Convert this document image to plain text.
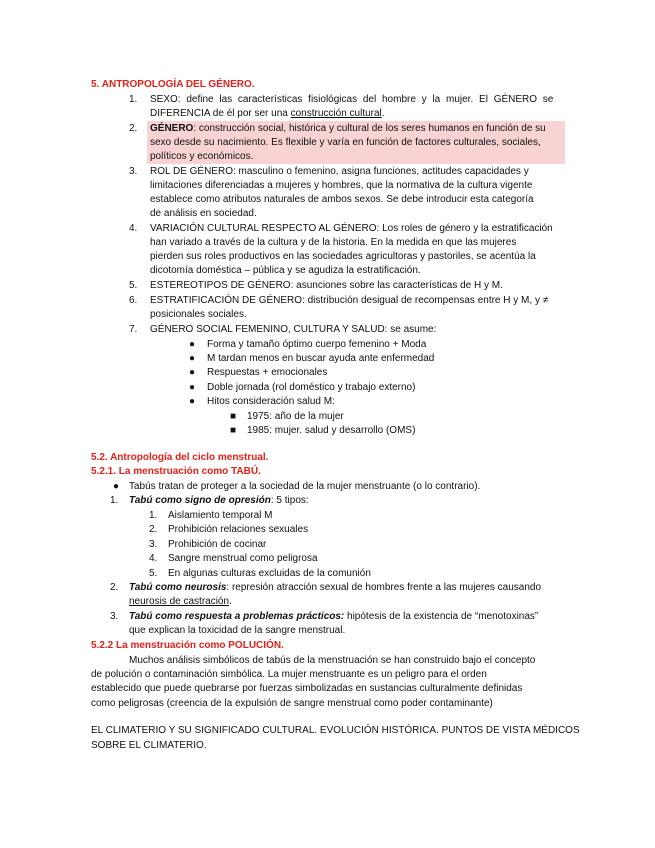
5. ANTROPOLOGÍA DEL GÉNERO.
1. SEXO: define las características fisiológicas del hombre y la mujer. El GÉNERO se
DIFERENCIA de él por ser una construcción cultural.
2. GÉNERO: construcción social, histórica y cultural de los seres humanos en función de su
sexo desde su nacimiento. Es flexible y varía en función de factores culturales, sociales,
políticos y económicos.
3. ROL DE GÉNERO: masculino o femenino, asigna funciones, actitudes capacidades y
limitaciones diferenciadas a mujeres y hombres, que la normativa de la cultura vigente
establece como atributos naturales de ambos sexos. Se debe introducir esta categoría
de análisis en sociedad.
4. VARIACIÓN CULTURAL RESPECTO AL GÉNERO: Los roles de género y la estratificación
han variado a través de la cultura y de la historia. En la medida en que las mujeres
pierden sus roles productivos en las sociedades agricultoras y pastoriles, se acentúa la
dicotomía doméstica – pública y se agudiza la estratificación.
5. ESTEREOTIPOS DE GÉNERO: asunciones sobre las características de H y M.
6. ESTRATIFICACIÓN DE GÉNERO: distribución desigual de recompensas entre H y M, y ≠
posicionales sociales.
7. GÉNERO SOCIAL FEMENINO, CULTURA Y SALUD: se asume:
● Forma y tamaño óptimo cuerpo femenino + Moda
● M tardan menos en buscar ayuda ante enfermedad
● Respuestas + emocionales
● Doble jornada (rol doméstico y trabajo externo)
● Hitos consideración salud M:
■ 1975: año de la mujer
■ 1985: mujer. salud y desarrollo (OMS)
5.2. Antropología del ciclo menstrual.
5.2.1. La menstruación como TABÚ.
● Tabús tratan de proteger a la sociedad de la mujer menstruante (o lo contrario).
1. Tabú como signo de opresión: 5 tipos:
1. Aislamiento temporal M
2. Prohibición relaciones sexuales
3. Prohibición de cocinar
4. Sangre menstrual como peligrosa
5. En algunas culturas excluidas de la comunión
2. Tabú como neurosis: represión atracción sexual de hombres frente a las mujeres causando
neurosis de castración.
3. Tabú como respuesta a problemas prácticos: hipótesis de la existencia de “menotoxinas”
que explican la toxicidad de la sangre menstrual.
5.2.2 La menstruación como POLUCIÓN.
Muchos análisis simbólicos de tabús de la menstruación se han construido bajo el concepto
de polución o contaminación simbólica. La mujer menstruante es un peligro para el orden
establecido que puede quebrarse por fuerzas simbolizadas en sustancias culturalmente definidas
como peligrosas (creencia de la expulsión de sangre menstrual como poder contaminante)
EL CLIMATERIO Y SU SIGNIFICADO CULTURAL. EVOLUCIÓN HISTÓRICA. PUNTOS DE VISTA MÉDICOS
SOBRE EL CLIMATERIO.
